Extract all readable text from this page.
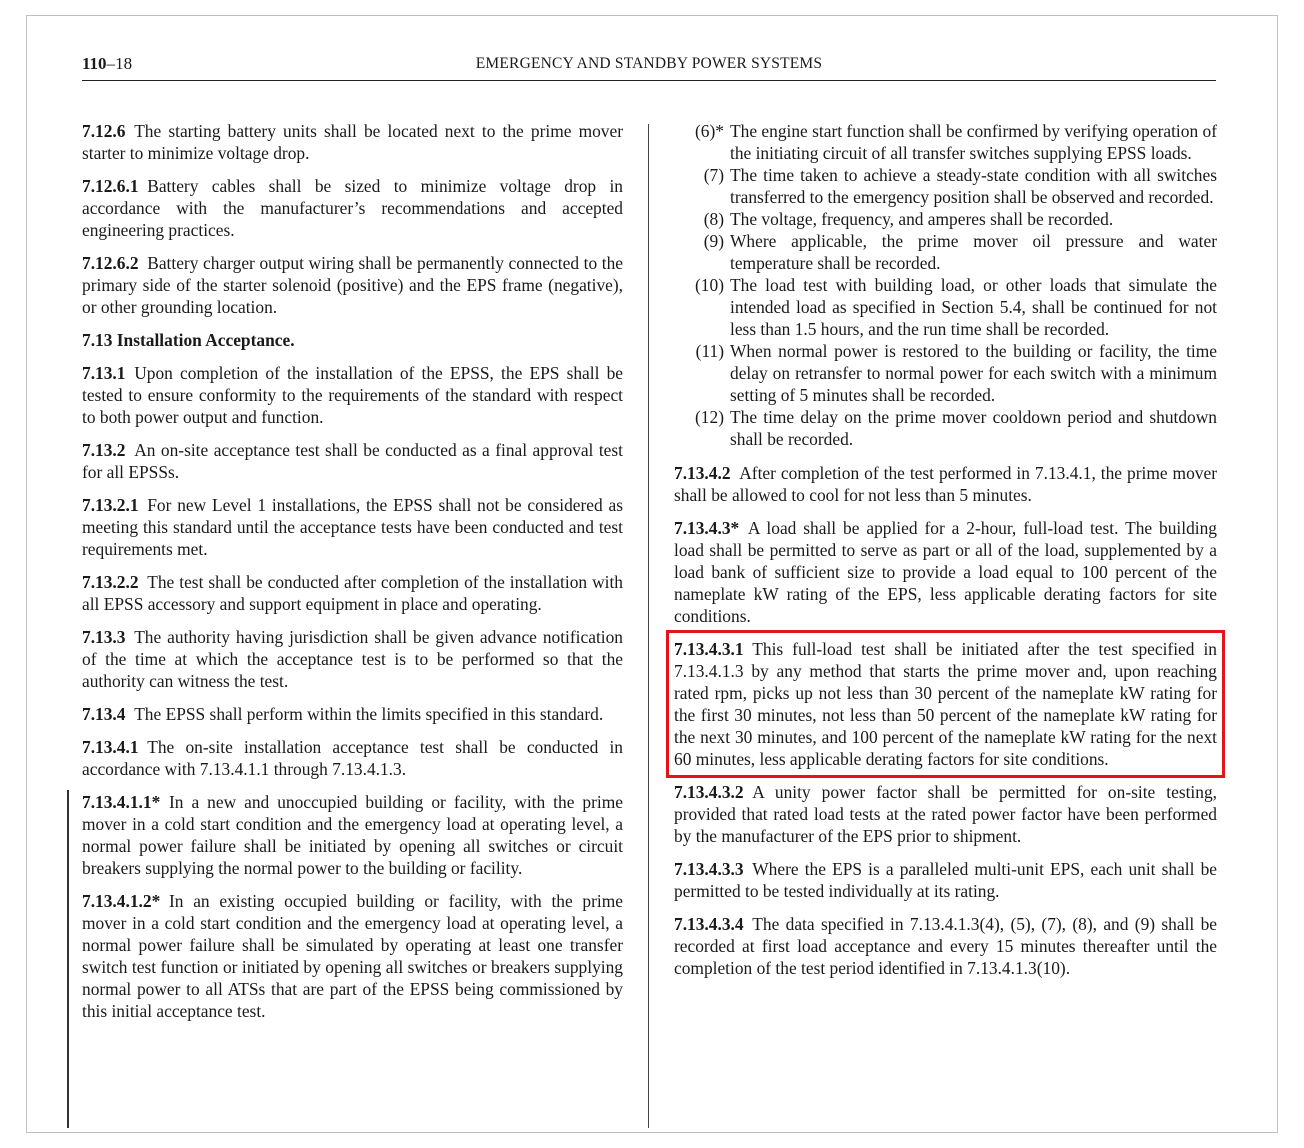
110–18	EMERGENCY AND STANDBY POWER SYSTEMS

7.12.6  The starting battery units shall be located next to the prime mover starter to minimize voltage drop.

7.12.6.1  Battery cables shall be sized to minimize voltage drop in accordance with the manufacturer’s recommendations and accepted engineering practices.

7.12.6.2  Battery charger output wiring shall be permanently connected to the primary side of the starter solenoid (positive) and the EPS frame (negative), or other grounding location.

7.13 Installation Acceptance.

7.13.1  Upon completion of the installation of the EPSS, the EPS shall be tested to ensure conformity to the requirements of the standard with respect to both power output and function.

7.13.2  An on-site acceptance test shall be conducted as a final approval test for all EPSSs.

7.13.2.1  For new Level 1 installations, the EPSS shall not be considered as meeting this standard until the acceptance tests have been conducted and test requirements met.

7.13.2.2  The test shall be conducted after completion of the installation with all EPSS accessory and support equipment in place and operating.

7.13.3  The authority having jurisdiction shall be given advance notification of the time at which the acceptance test is to be performed so that the authority can witness the test.

7.13.4  The EPSS shall perform within the limits specified in this standard.

7.13.4.1  The on-site installation acceptance test shall be conducted in accordance with 7.13.4.1.1 through 7.13.4.1.3.

7.13.4.1.1*  In a new and unoccupied building or facility, with the prime mover in a cold start condition and the emergency load at operating level, a normal power failure shall be initiated by opening all switches or circuit breakers supplying the normal power to the building or facility.

7.13.4.1.2*  In an existing occupied building or facility, with the prime mover in a cold start condition and the emergency load at operating level, a normal power failure shall be simulated by operating at least one transfer switch test function or initiated by opening all switches or breakers supplying normal power to all ATSs that are part of the EPSS being commissioned by this initial acceptance test.

(6)* The engine start function shall be confirmed by verifying operation of the initiating circuit of all transfer switches supplying EPSS loads.
(7) The time taken to achieve a steady-state condition with all switches transferred to the emergency position shall be observed and recorded.
(8) The voltage, frequency, and amperes shall be recorded.
(9) Where applicable, the prime mover oil pressure and water temperature shall be recorded.
(10) The load test with building load, or other loads that simulate the intended load as specified in Section 5.4, shall be continued for not less than 1.5 hours, and the run time shall be recorded.
(11) When normal power is restored to the building or facility, the time delay on retransfer to normal power for each switch with a minimum setting of 5 minutes shall be recorded.
(12) The time delay on the prime mover cooldown period and shutdown shall be recorded.

7.13.4.2  After completion of the test performed in 7.13.4.1, the prime mover shall be allowed to cool for not less than 5 minutes.

7.13.4.3*  A load shall be applied for a 2-hour, full-load test. The building load shall be permitted to serve as part or all of the load, supplemented by a load bank of sufficient size to provide a load equal to 100 percent of the nameplate kW rating of the EPS, less applicable derating factors for site conditions.

7.13.4.3.1  This full-load test shall be initiated after the test specified in 7.13.4.1.3 by any method that starts the prime mover and, upon reaching rated rpm, picks up not less than 30 percent of the nameplate kW rating for the first 30 minutes, not less than 50 percent of the nameplate kW rating for the next 30 minutes, and 100 percent of the nameplate kW rating for the next 60 minutes, less applicable derating factors for site conditions.

7.13.4.3.2  A unity power factor shall be permitted for on-site testing, provided that rated load tests at the rated power factor have been performed by the manufacturer of the EPS prior to shipment.

7.13.4.3.3  Where the EPS is a paralleled multi-unit EPS, each unit shall be permitted to be tested individually at its rating.

7.13.4.3.4  The data specified in 7.13.4.1.3(4), (5), (7), (8), and (9) shall be recorded at first load acceptance and every 15 minutes thereafter until the completion of the test period identified in 7.13.4.1.3(10).
